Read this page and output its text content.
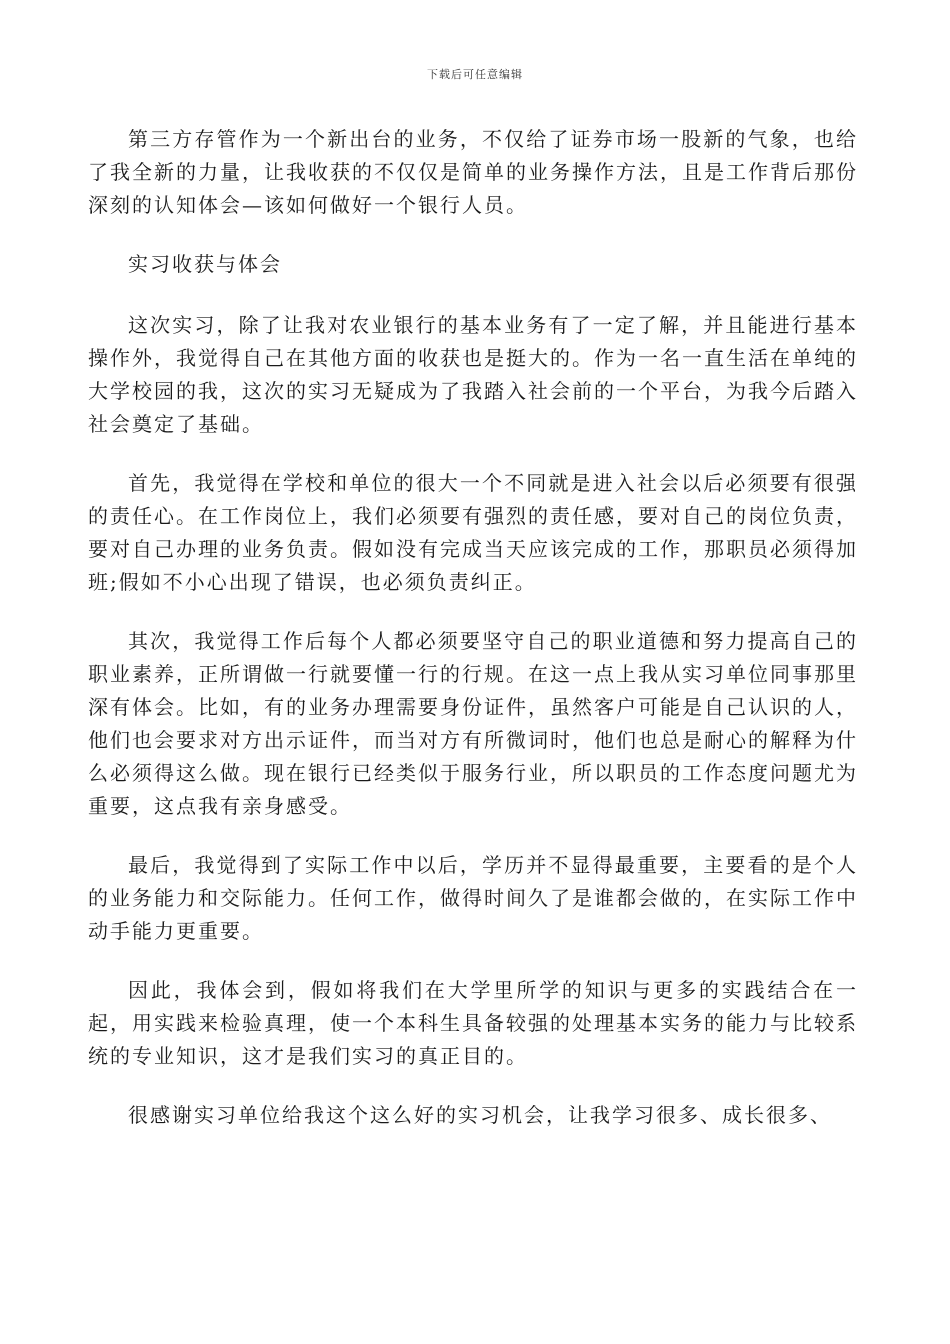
下载后可任意编辑

第三方存管作为一个新出台的业务，不仅给了证券市场一股新的气象，也给了我全新的力量，让我收获的不仅仅是简单的业务操作方法，且是工作背后那份深刻的认知体会—该如何做好一个银行人员。

实习收获与体会

这次实习，除了让我对农业银行的基本业务有了一定了解，并且能进行基本操作外，我觉得自己在其他方面的收获也是挺大的。作为一名一直生活在单纯的大学校园的我，这次的实习无疑成为了我踏入社会前的一个平台，为我今后踏入社会奠定了基础。

首先，我觉得在学校和单位的很大一个不同就是进入社会以后必须要有很强的责任心。在工作岗位上，我们必须要有强烈的责任感，要对自己的岗位负责，要对自己办理的业务负责。假如没有完成当天应该完成的工作，那职员必须得加班;假如不小心出现了错误，也必须负责纠正。

其次，我觉得工作后每个人都必须要坚守自己的职业道德和努力提高自己的职业素养，正所谓做一行就要懂一行的行规。在这一点上我从实习单位同事那里深有体会。比如，有的业务办理需要身份证件，虽然客户可能是自己认识的人，他们也会要求对方出示证件，而当对方有所微词时，他们也总是耐心的解释为什么必须得这么做。现在银行已经类似于服务行业，所以职员的工作态度问题尤为重要，这点我有亲身感受。

最后，我觉得到了实际工作中以后，学历并不显得最重要，主要看的是个人的业务能力和交际能力。任何工作，做得时间久了是谁都会做的，在实际工作中动手能力更重要。

因此，我体会到，假如将我们在大学里所学的知识与更多的实践结合在一起，用实践来检验真理，使一个本科生具备较强的处理基本实务的能力与比较系统的专业知识，这才是我们实习的真正目的。

很感谢实习单位给我这个这么好的实习机会，让我学习很多、成长很多、
